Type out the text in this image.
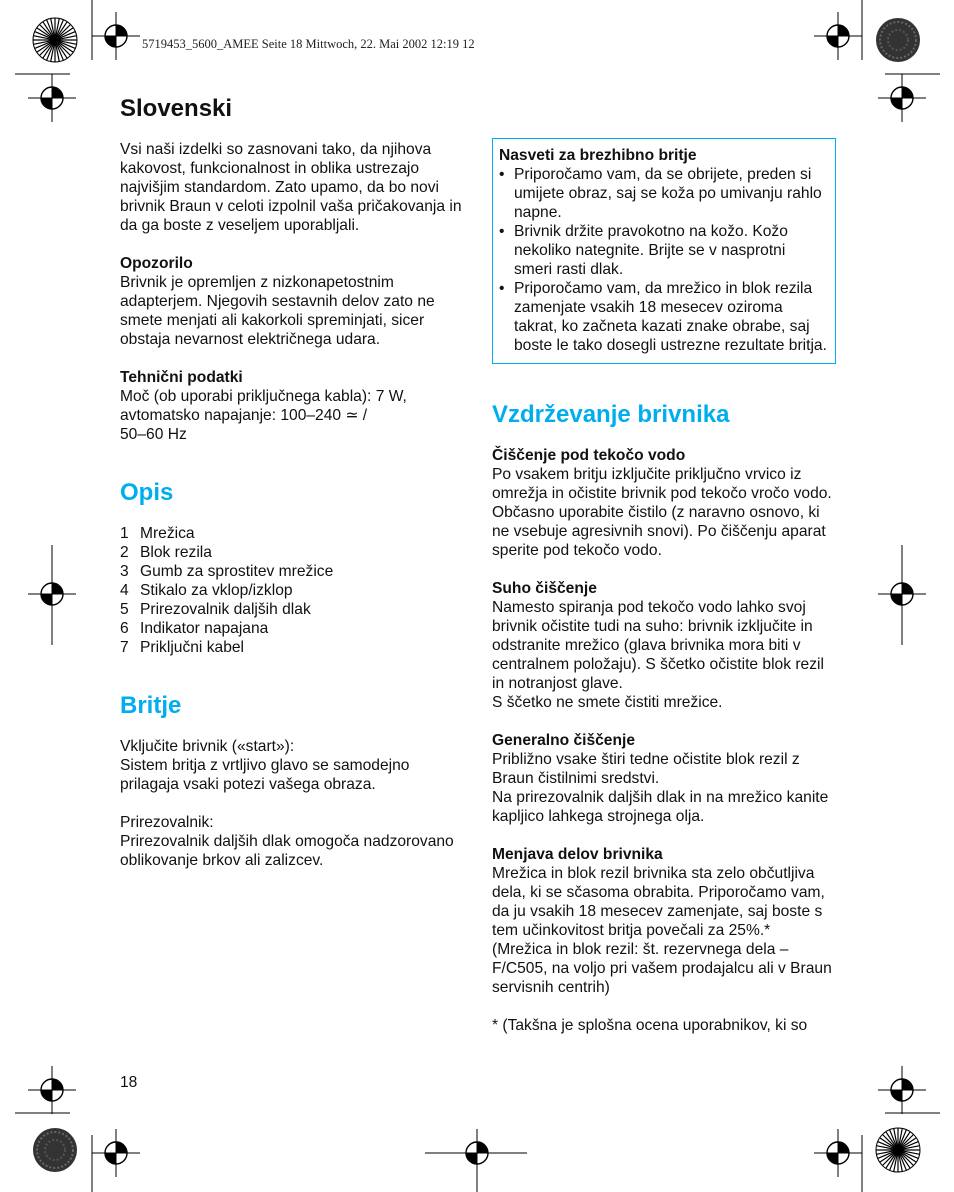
5719453_5600_AMEE Seite 18 Mittwoch, 22. Mai 2002 12:19 12
Slovenski

Vsi naši izdelki so zasnovani tako, da njihova kakovost, funkcionalnost in oblika ustrezajo najvišjim standardom. Zato upamo, da bo novi brivnik Braun v celoti izpolnil vaša pričakovanja in da ga boste z veseljem uporabljali.

Opozorilo

Brivnik je opremljen z nizkonapetostnim adapterjem. Njegovih sestavnih delov zato ne smete menjati ali kakorkoli spreminjati, sicer obstaja nevarnost električnega udara.

Tehnični podatki

Moč (ob uporabi priključnega kabla): 7 W,

avtomatsko napajanje: 100–240 ≃ /

50–60 Hz

Opis
1 Mrežica
2 Blok rezila
3 Gumb za sprostitev mrežice
4 Stikalo za vklop/izklop
5 Prirezovalnik daljših dlak
6 Indikator napajana
7 Priključni kabel
Britje

Vključite brivnik («start»):

Sistem britja z vrtljivo glavo se samodejno prilagaja vsaki potezi vašega obraza.

Prirezovalnik:

Prirezovalnik daljših dlak omogoča nadzorovano oblikovanje brkov ali zalizcev.

Nasveti za brezhibno britje

• Priporočamo vam, da se obrijete, preden si umijete obraz, saj se koža po umivanju rahlo napne.
• Brivnik držite pravokotno na kožo. Kožo nekoliko nategnite. Brijte se v nasprotni smeri rasti dlak.
• Priporočamo vam, da mrežico in blok rezila zamenjate vsakih 18 mesecev oziroma takrat, ko začneta kazati znake obrabe, saj boste le tako dosegli ustrezne rezultate britja.
Vzdrževanje brivnika

Čiščenje pod tekočo vodo

Po vsakem britju izključite priključno vrvico iz omrežja in očistite brivnik pod tekočo vročo vodo. Občasno uporabite čistilo (z naravno osnovo, ki ne vsebuje agresivnih snovi). Po čiščenju aparat sperite pod tekočo vodo.

Suho čiščenje

Namesto spiranja pod tekočo vodo lahko svoj brivnik očistite tudi na suho: brivnik izključite in odstranite mrežico (glava brivnika mora biti v centralnem položaju). S ščetko očistite blok rezil in notranjost glave.

S ščetko ne smete čistiti mrežice.

Generalno čiščenje

Približno vsake štiri tedne očistite blok rezil z Braun čistilnimi sredstvi.

Na prirezovalnik daljših dlak in na mrežico kanite kapljico lahkega strojnega olja.

Menjava delov brivnika

Mrežica in blok rezil brivnika sta zelo občutljiva dela, ki se sčasoma obrabita. Priporočamo vam, da ju vsakih 18 mesecev zamenjate, saj boste s tem učinkovitost britja povečali za 25%.*

(Mrežica in blok rezil: št. rezervnega dela – F/C505, na voljo pri vašem prodajalcu ali v Braun servisnih centrih)

* (Takšna je splošna ocena uporabnikov, ki so

18
